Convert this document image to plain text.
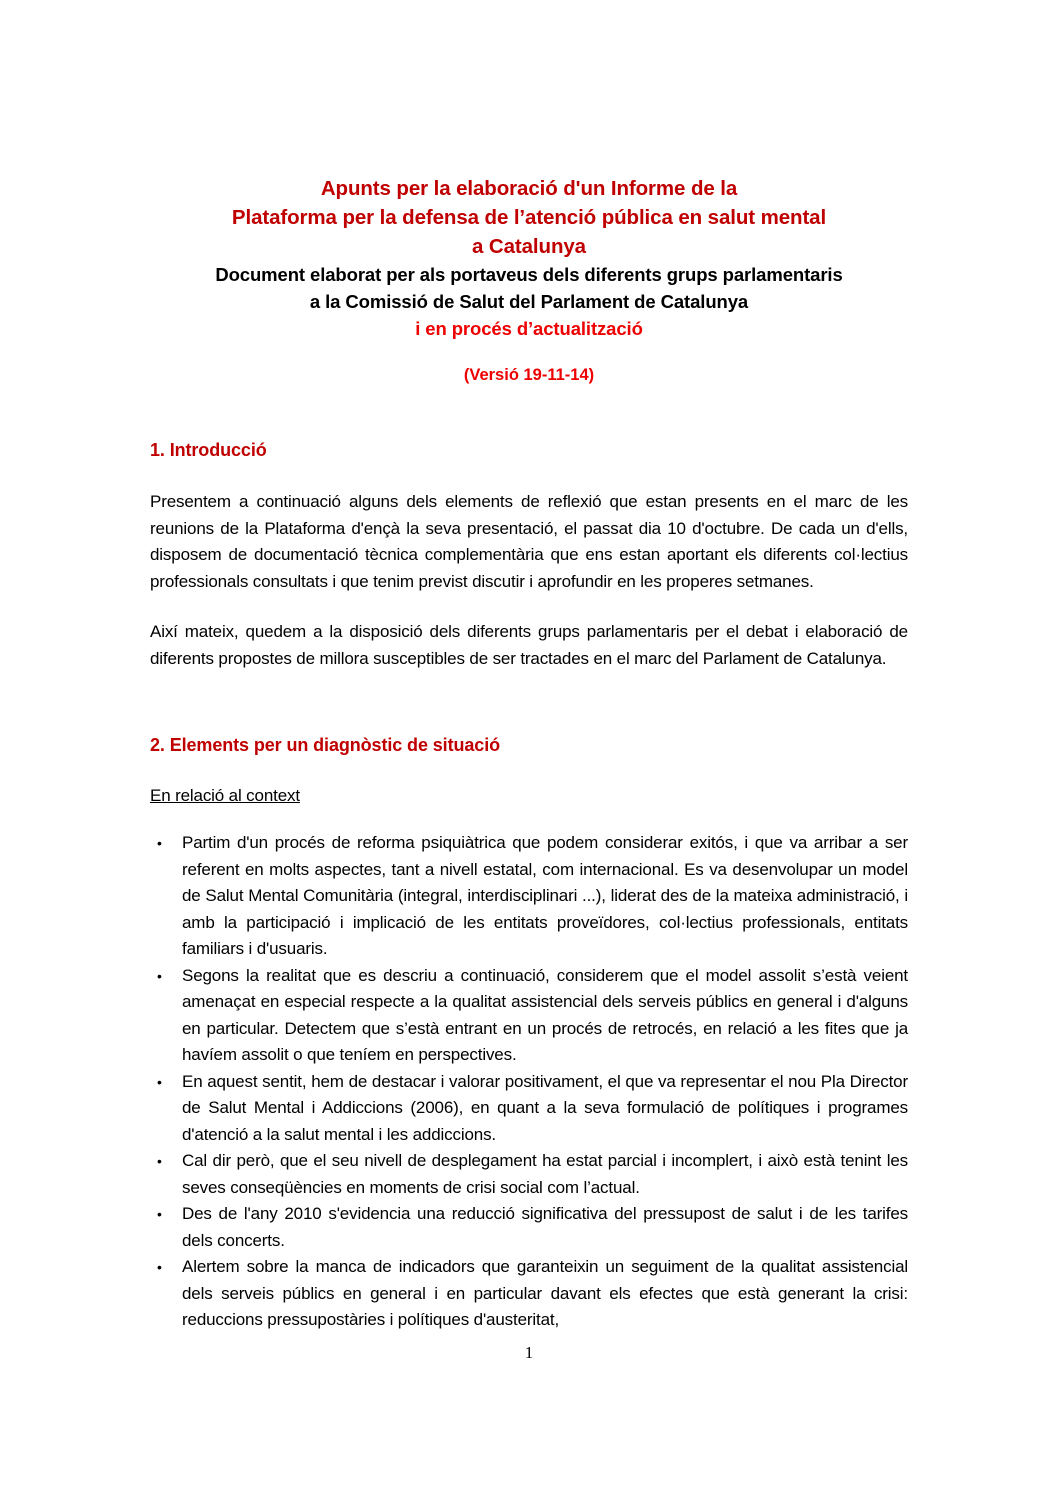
Apunts per la elaboració d'un Informe de la
Plataforma per la defensa de l’atenció pública en salut mental
a Catalunya
Document elaborat per als portaveus dels diferents grups parlamentaris
a la Comissió de Salut del Parlament de Catalunya
i en procés d’actualització
(Versió 19-11-14)
1. Introducció

Presentem a continuació alguns dels elements de reflexió que estan presents en el marc de les reunions de la Plataforma d'ençà la seva presentació, el passat dia 10 d'octubre. De cada un d'ells, disposem de documentació tècnica complementària que ens estan aportant els diferents col·lectius professionals consultats i que tenim previst discutir i aprofundir en les properes setmanes.

Així mateix, quedem a la disposició dels diferents grups parlamentaris per el debat i elaboració de diferents propostes de millora susceptibles de ser tractades en el marc del Parlament de Catalunya.

2. Elements per un diagnòstic de situació
En relació al context
• Partim d'un procés de reforma psiquiàtrica que podem considerar exitós, i que va arribar a ser referent en molts aspectes, tant a nivell estatal, com internacional. Es va desenvolupar un model de Salut Mental Comunitària (integral, interdisciplinari ...), liderat des de la mateixa administració, i amb la participació i implicació de les entitats proveïdores, col·lectius professionals, entitats familiars i d'usuaris.
• Segons la realitat que es descriu a continuació, considerem que el model assolit s’està veient amenaçat en especial respecte a la qualitat assistencial dels serveis públics en general i d'alguns en particular. Detectem que s’està entrant en un procés de retrocés, en relació a les fites que ja havíem assolit o que teníem en perspectives.
• En aquest sentit, hem de destacar i valorar positivament, el que va representar el nou Pla Director de Salut Mental i Addiccions (2006), en quant a la seva formulació de polítiques i programes d'atenció a la salut mental i les addiccions.
• Cal dir però, que el seu nivell de desplegament ha estat parcial i incomplert, i això està tenint les seves conseqüències en moments de crisi social com l’actual.
• Des de l'any 2010 s'evidencia una reducció significativa del pressupost de salut i de les tarifes dels concerts.
• Alertem sobre la manca de indicadors que garanteixin un seguiment de la qualitat assistencial dels serveis públics en general i en particular davant els efectes que està generant la crisi: reduccions pressupostàries i polítiques d'austeritat,
1
